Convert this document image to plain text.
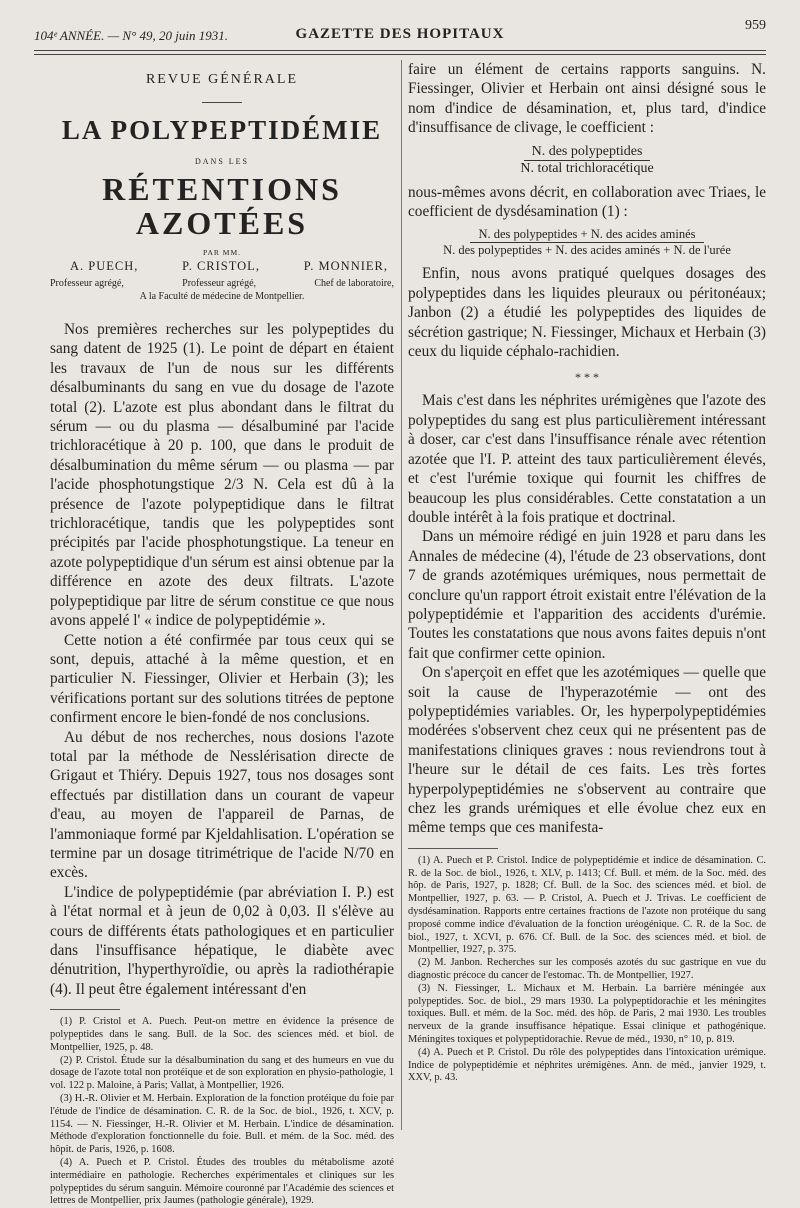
104ᵉ ANNÉE. — N° 49, 20 juin 1931.	GAZETTE DES HOPITAUX
959
REVUE GÉNÉRALE
LA POLYPEPTIDÉMIE
DANS LES
RÉTENTIONS AZOTÉES
PAR MM.
A. PUECH,	P. CRISTOL,	P. MONNIER,
Professeur agrégé,	Professeur agrégé,	Chef de laboratoire,
A la Faculté de médecine de Montpellier.

Nos premières recherches sur les polypeptides du sang datent de 1925 (1). Le point de départ en étaient les travaux de l'un de nous sur les différents désalbuminants du sang en vue du dosage de l'azote total (2). L'azote est plus abondant dans le filtrat du sérum — ou du plasma — désalbuminé par l'acide trichloracétique à 20 p. 100, que dans le produit de désalbumination du même sérum — ou plasma — par l'acide phosphotungstique 2/3 N. Cela est dû à la présence de l'azote polypeptidique dans le filtrat trichloracétique, tandis que les polypeptides sont précipités par l'acide phosphotungstique. La teneur en azote polypeptidique d'un sérum est ainsi obtenue par la différence en azote des deux filtrats. L'azote polypeptidique par litre de sérum constitue ce que nous avons appelé l' « indice de polypeptidémie ».

Cette notion a été confirmée par tous ceux qui se sont, depuis, attaché à la même question, et en particulier N. Fiessinger, Olivier et Herbain (3); les vérifications portant sur des solutions titrées de peptone confirment encore le bien-fondé de nos conclusions.

Au début de nos recherches, nous dosions l'azote total par la méthode de Nesslérisation directe de Grigaut et Thiéry. Depuis 1927, tous nos dosages sont effectués par distillation dans un courant de vapeur d'eau, au moyen de l'appareil de Parnas, de l'ammoniaque formé par Kjeldahlisation. L'opération se termine par un dosage titrimétrique de l'acide N/70 en excès.

L'indice de polypeptidémie (par abréviation I. P.) est à l'état normal et à jeun de 0,02 à 0,03. Il s'élève au cours de différents états pathologiques et en particulier dans l'insuffisance hépatique, le diabète avec dénutrition, l'hyperthyroïdie, ou après la radiothérapie (4). Il peut être également intéressant d'en

(1) P. Cristol et A. Puech. Peut-on mettre en évidence la présence de polypeptides dans le sang. Bull. de la Soc. des sciences méd. et biol. de Montpellier, 1925, p. 48.

(2) P. Cristol. Étude sur la désalbumination du sang et des humeurs en vue du dosage de l'azote total non protéique et de son exploration en physio-pathologie, 1 vol. 122 p. Maloine, à Paris; Vallat, à Montpellier, 1926.

(3) H.-R. Olivier et M. Herbain. Exploration de la fonction protéique du foie par l'étude de l'indice de désamination. C. R. de la Soc. de biol., 1926, t. XCV, p. 1154. — N. Fiessinger, H.-R. Olivier et M. Herbain. L'indice de désamination. Méthode d'exploration fonctionnelle du foie. Bull. et mém. de la Soc. méd. des hôpit. de Paris, 1926, p. 1608.

(4) A. Puech et P. Cristol. Études des troubles du métabolisme azoté intermédiaire en pathologie. Recherches expérimentales et cliniques sur les polypeptides du sérum sanguin. Mémoire couronné par l'Académie des sciences et lettres de Montpellier, prix Jaumes (pathologie générale), 1929.

faire un élément de certains rapports sanguins. N. Fiessinger, Olivier et Herbain ont ainsi désigné sous le nom d'indice de désamination, et, plus tard, d'indice d'insuffisance de clivage, le coefficient :

N. des polypeptides
N. total trichloracétique

nous-mêmes avons décrit, en collaboration avec Triaes, le coefficient de dysdésamination (1) :

N. des polypeptides + N. des acides aminés
N. des polypeptides + N. des acides aminés + N. de l'urée

Enfin, nous avons pratiqué quelques dosages des polypeptides dans les liquides pleuraux ou péritonéaux; Janbon (2) a étudié les polypeptides des liquides de sécrétion gastrique; N. Fiessinger, Michaux et Herbain (3) ceux du liquide céphalo-rachidien.

* * *

Mais c'est dans les néphrites urémigènes que l'azote des polypeptides du sang est plus particulièrement intéressant à doser, car c'est dans l'insuffisance rénale avec rétention azotée que l'I. P. atteint des taux particulièrement élevés, et c'est l'urémie toxique qui fournit les chiffres de beaucoup les plus considérables. Cette constatation a un double intérêt à la fois pratique et doctrinal.

Dans un mémoire rédigé en juin 1928 et paru dans les Annales de médecine (4), l'étude de 23 observations, dont 7 de grands azotémiques urémiques, nous permettait de conclure qu'un rapport étroit existait entre l'élévation de la polypeptidémie et l'apparition des accidents d'urémie. Toutes les constatations que nous avons faites depuis n'ont fait que confirmer cette opinion.

On s'aperçoit en effet que les azotémiques — quelle que soit la cause de l'hyperazotémie — ont des polypeptidémies variables. Or, les hyperpolypeptidémies modérées s'observent chez ceux qui ne présentent pas de manifestations cliniques graves : nous reviendrons tout à l'heure sur le détail de ces faits. Les très fortes hyperpolypeptidémies ne s'observent au contraire que chez les grands urémiques et elle évolue chez eux en même temps que ces manifesta-

(1) A. Puech et P. Cristol. Indice de polypeptidémie et indice de désamination. C. R. de la Soc. de biol., 1926, t. XLV, p. 1413; Cf. Bull. et mém. de la Soc. méd. des hôp. de Paris, 1927, p. 1828; Cf. Bull. de la Soc. des sciences méd. et biol. de Montpellier, 1927, p. 63. — P. Cristol, A. Puech et J. Trivas. Le coefficient de dysdésamination. Rapports entre certaines fractions de l'azote non protéique du sang proposé comme indice d'évaluation de la fonction uréogénique. C. R. de la Soc. de biol., 1927, t. XCVI, p. 676. Cf. Bull. de la Soc. des sciences méd. et biol. de Montpellier, 1927, p. 375.

(2) M. Janbon. Recherches sur les composés azotés du suc gastrique en vue du diagnostic précoce du cancer de l'estomac. Th. de Montpellier, 1927.

(3) N. Fiessinger, L. Michaux et M. Herbain. La barrière méningée aux polypeptides. Soc. de biol., 29 mars 1930. La polypeptidorachie et les méningites toxiques. Bull. et mém. de la Soc. méd. des hôp. de Paris, 2 mai 1930. Les troubles nerveux de la grande insuffisance hépatique. Essai clinique et pathogénique. Méningites toxiques et polypeptidorachie. Revue de méd., 1930, n° 10, p. 819.

(4) A. Puech et P. Cristol. Du rôle des polypeptides dans l'intoxication urémique. Indice de polypeptidémie et néphrites urémigènes. Ann. de méd., janvier 1929, t. XXV, p. 43.
